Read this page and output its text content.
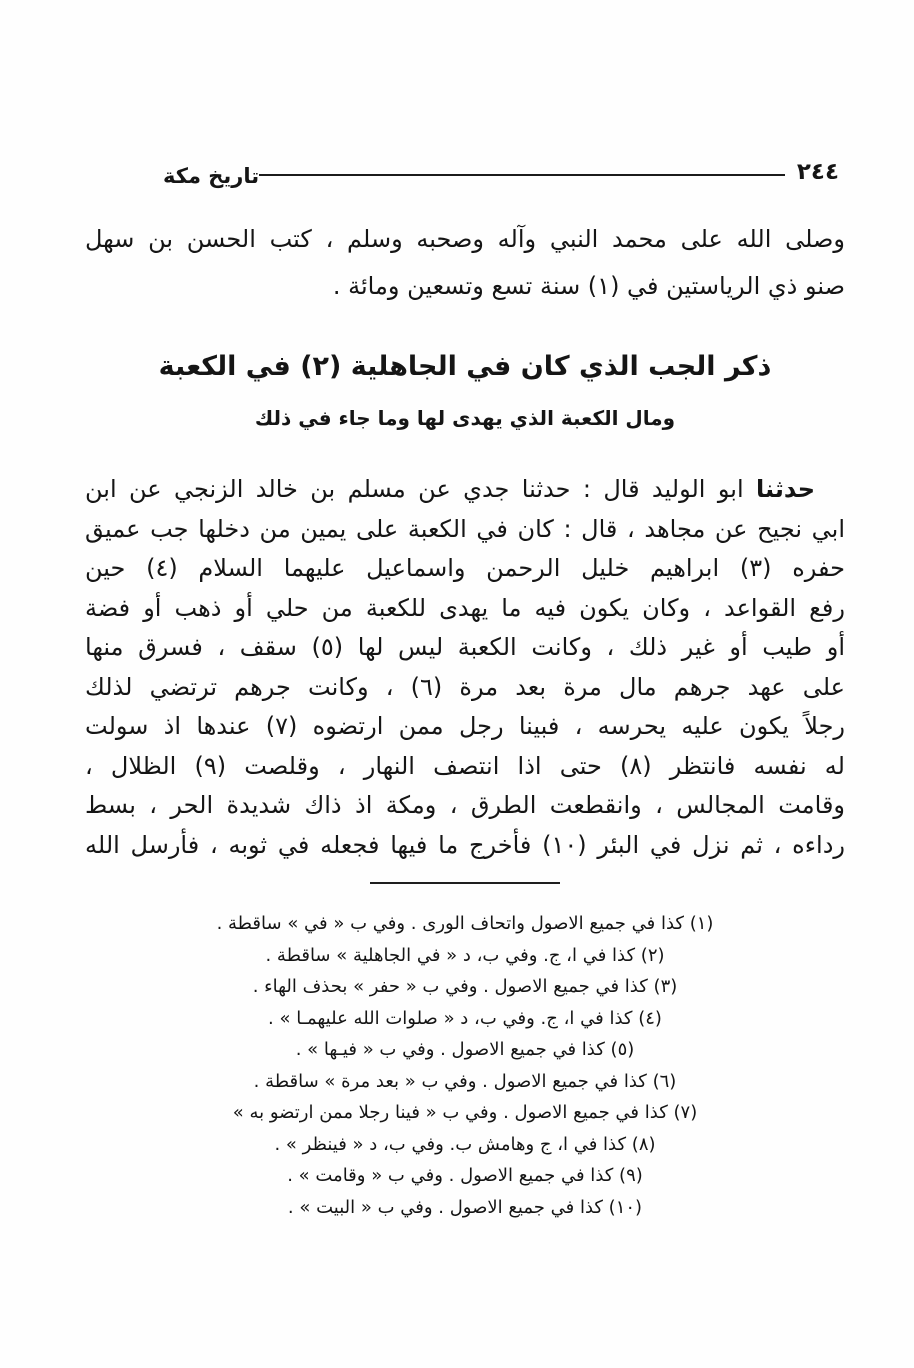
٢٤٤
تاريخ مكة
وصلى الله على محمد النبي وآله وصحبه وسلم ، كتب الحسن بن سهل
صنو ذي الرياستين في (١) سنة تسع وتسعين ومائة .
ذكر الجب الذي كان في الجاهلية (٢) في الكعبة
ومال الكعبة الذي يهدى لها وما جاء في ذلك
حدثنا ابو الوليد قال : حدثنا جدي عن مسلم بن خالد الزنجي عن ابن
ابي نجيح عن مجاهد ، قال : كان في الكعبة على يمين من دخلها جب عميق
حفره (٣) ابراهيم خليل الرحمن واسماعيل عليهما السلام (٤) حين
رفع القواعد ، وكان يكون فيه ما يهدى للكعبة من حلي أو ذهب أو فضة
أو طيب أو غير ذلك ، وكانت الكعبة ليس لها (٥) سقف ، فسرق منها
على عهد جرهم مال مرة بعد مرة (٦) ، وكانت جرهم ترتضي لذلك
رجلاً يكون عليه يحرسه ، فبينا رجل ممن ارتضوه (٧) عندها اذ سولت
له نفسه فانتظر (٨) حتى اذا انتصف النهار ، وقلصت (٩) الظلال ،
وقامت المجالس ، وانقطعت الطرق ، ومكة اذ ذاك شديدة الحر ، بسط
رداءه ، ثم نزل في البئر (١٠) فأخرج ما فيها فجعله في ثوبه ، فأرسل الله
(١) كذا في جميع الاصول واتحاف الورى . وفي ب « في » ساقطة .
(٢) كذا في ا، ج. وفي ب، د « في الجاهلية » ساقطة .
(٣) كذا في جميع الاصول . وفي ب « حفر » بحذف الهاء .
(٤) كذا في ا، ج. وفي ب، د « صلوات الله عليهمـا » .
(٥) كذا في جميع الاصول . وفي ب « فيـها » .
(٦) كذا في جميع الاصول . وفي ب « بعد مرة » ساقطة .
(٧) كذا في جميع الاصول . وفي ب « فينا رجلا ممن ارتضو به »
(٨) كذا في ا، ج وهامش ب. وفي ب، د « فينظر » .
(٩) كذا في جميع الاصول . وفي ب « وقامت » .
(١٠) كذا في جميع الاصول . وفي ب « البيت » .
